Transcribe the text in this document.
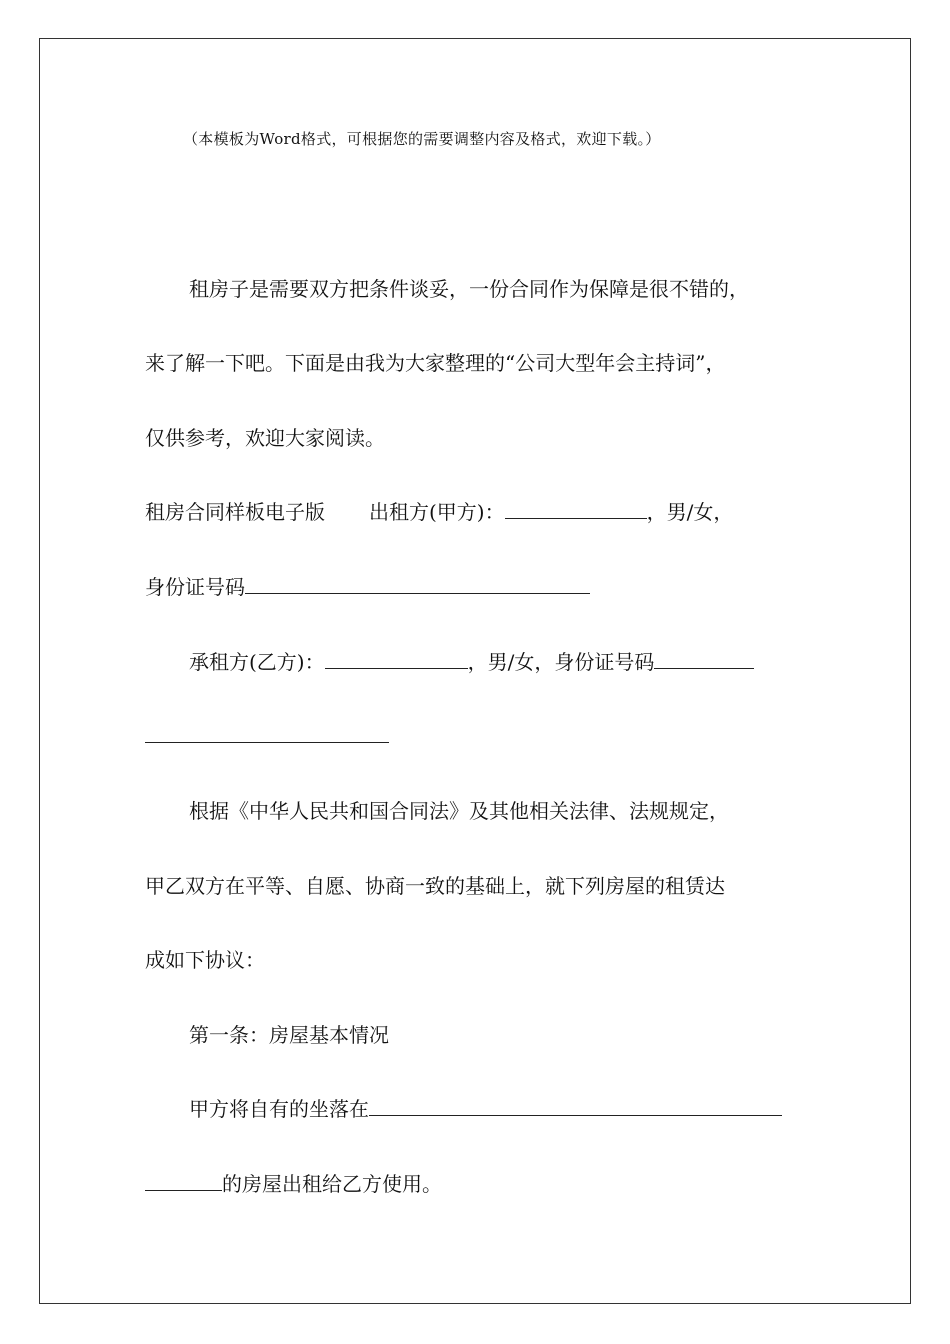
（本模板为Word格式，可根据您的需要调整内容及格式，欢迎下载。）
租房子是需要双方把条件谈妥，一份合同作为保障是很不错的，
来了解一下吧。下面是由我为大家整理的“公司大型年会主持词”，
仅供参考，欢迎大家阅读。
租房合同样板电子版 出租方(甲方)：	，男/女，
身份证号码
承租方(乙方)：	，男/女，身份证号码
根据《中华人民共和国合同法》及其他相关法律、法规规定，
甲乙双方在平等、自愿、协商一致的基础上，就下列房屋的租赁达
成如下协议：
第一条：房屋基本情况
甲方将自有的坐落在
的房屋出租给乙方使用。
